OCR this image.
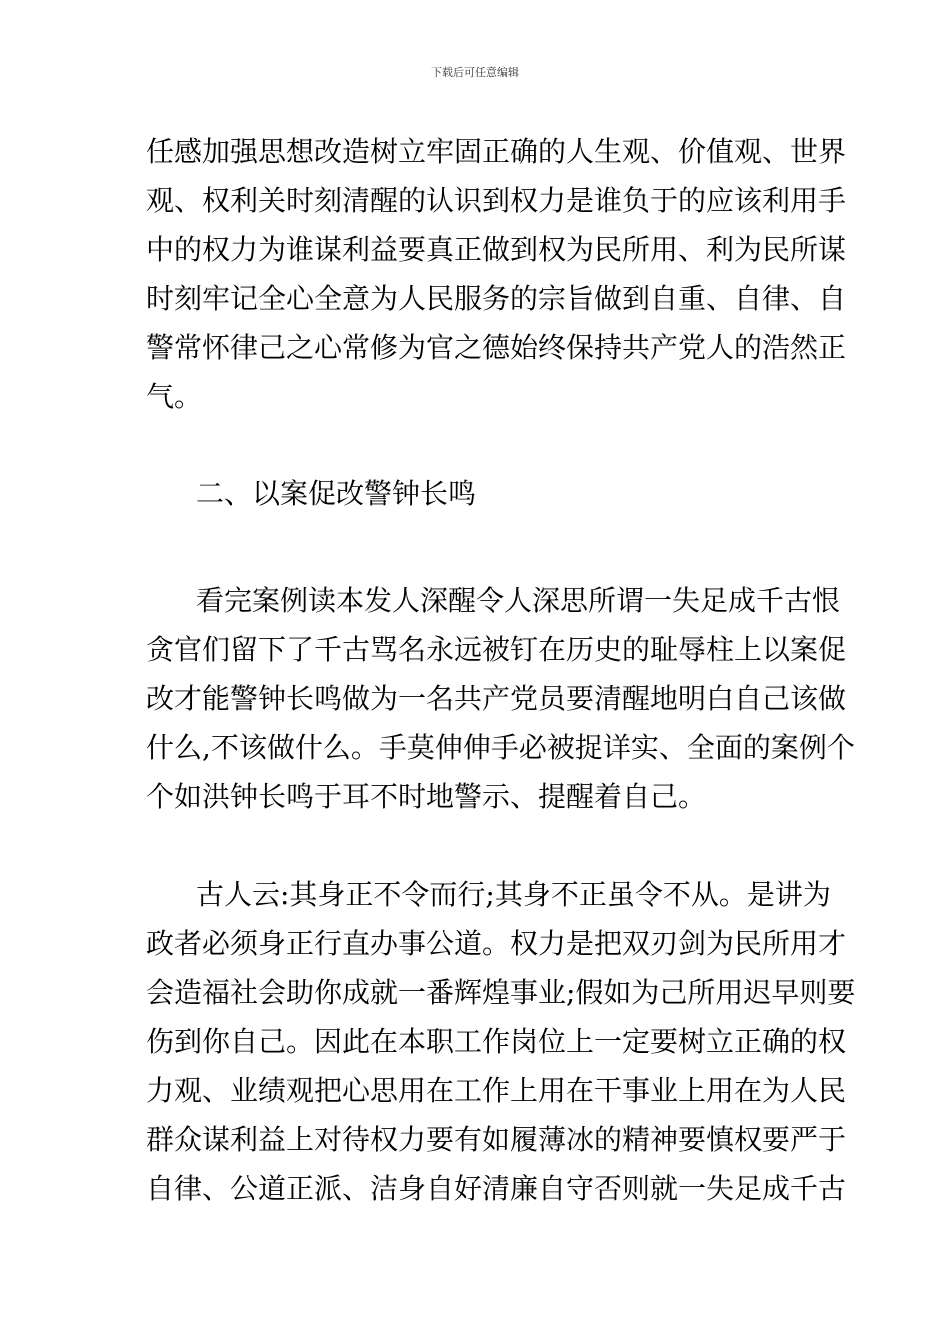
下载后可任意编辑
任感加强思想改造树立牢固正确的人生观、价值观、世界
观、权利关时刻清醒的认识到权力是谁负于的应该利用手
中的权力为谁谋利益要真正做到权为民所用、利为民所谋
时刻牢记全心全意为人民服务的宗旨做到自重、自律、自
警常怀律己之心常修为官之德始终保持共产党人的浩然正
气。
二、以案促改警钟长鸣
看完案例读本发人深醒令人深思所谓一失足成千古恨
贪官们留下了千古骂名永远被钉在历史的耻辱柱上以案促
改才能警钟长鸣做为一名共产党员要清醒地明白自己该做
什么,不该做什么。手莫伸伸手必被捉详实、全面的案例个
个如洪钟长鸣于耳不时地警示、提醒着自己。
古人云:其身正不令而行;其身不正虽令不从。是讲为
政者必须身正行直办事公道。权力是把双刃剑为民所用才
会造福社会助你成就一番辉煌事业;假如为己所用迟早则要
伤到你自己。因此在本职工作岗位上一定要树立正确的权
力观、业绩观把心思用在工作上用在干事业上用在为人民
群众谋利益上对待权力要有如履薄冰的精神要慎权要严于
自律、公道正派、洁身自好清廉自守否则就一失足成千古
